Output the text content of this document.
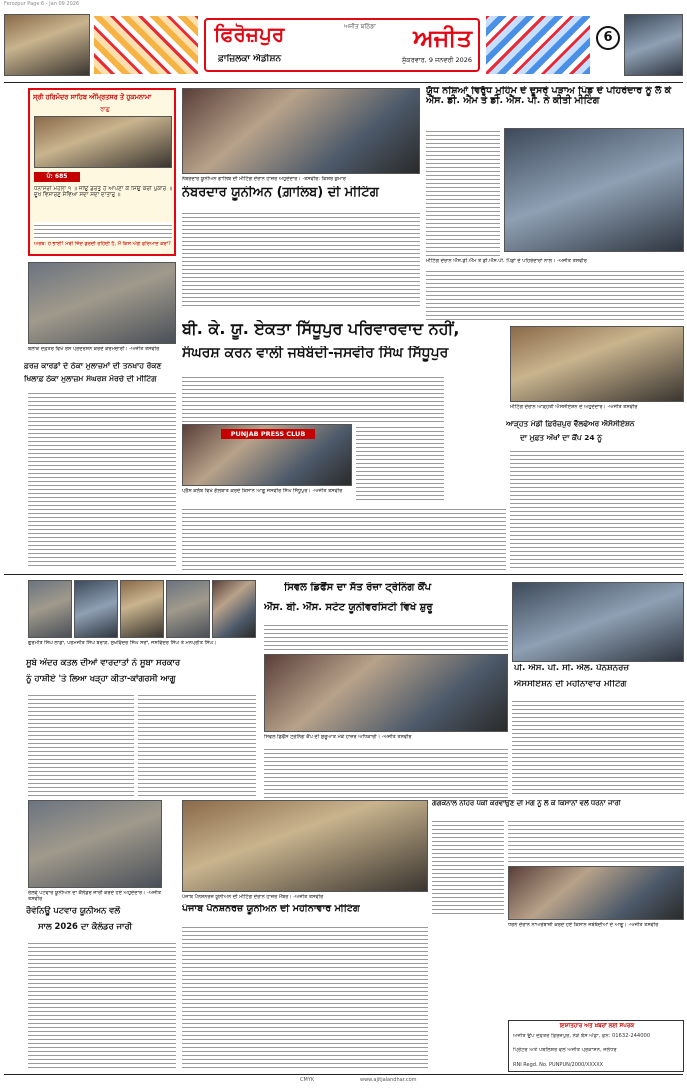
Ferozpur Page 6 - Jan 09 2026
ਫਿਰੋਜ਼ਪੁਰ	ਅਜੀਤ ਬਠਿੰਡਾ	ਅਜੀਤ
ਫ਼ਾਜ਼ਿਲਕਾ ਐਡੀਸ਼ਨ	ਸ਼ੁੱਕਰਵਾਰ, 9 ਜਨਵਰੀ 2026
6
ਸ੍ਰੀ ਹਰਿਮੰਦਰ ਸਾਹਿਬ ਅੰਮ੍ਰਿਤਸਰ ਤੋਂ ਹੁਕਮਨਾਮਾ
ਰਾਗੁ
ਪੰ: 685
ਧਨਾਸਰੀ ਮਹਲਾ ੧ ॥ ਜੀਉ ਡਰਤੁ ਹੈ ਆਪਣਾ ਕੈ ਸਿਉ ਕਰੀ ਪੁਕਾਰ ॥ ਦੂਖ ਵਿਸਾਰਣੁ ਸੇਵਿਆ ਸਦਾ ਸਦਾ ਦਾਤਾਰੁ ॥
ਅਰਥ: ਹੇ ਭਾਈ! ਮੇਰੀ ਜਿੰਦ ਡਰਦੀ ਰਹਿੰਦੀ ਹੈ, ਮੈਂ ਕਿਸ ਅੱਗੇ ਫ਼ਰਿਆਦ ਕਰਾਂ?
ਨੰਬਰਦਾਰ ਯੂਨੀਅਨ ਗਾਲਿਬ ਦੀ ਮੀਟਿੰਗ ਦੌਰਾਨ ਹਾਜ਼ਰ ਅਹੁਦੇਦਾਰ। -ਤਸਵੀਰ: ਕਿਸ਼ੋਰ ਕੁਮਾਰ
ਨੰਬਰਦਾਰ ਯੂਨੀਅਨ (ਗ਼ਾਲਿਬ) ਦੀ ਮੀਟਿੰਗ
ਯੁੱਧ ਨਸ਼ਿਆਂ ਵਿਰੁੱਧ ਮੁਹਿੰਮ ਦੇ ਦੂਸਰੇ ਪੜਾਅ ਪਿੰਡ ਦੇ ਪਹਿਰੇਦਾਰ ਨੂੰ ਲੈ ਕੇ ਐੱਸ. ਡੀ. ਐੱਮ ਤੇ ਡੀ. ਐੱਸ. ਪੀ. ਨੇ ਕੀਤੀ ਮੀਟਿੰਗ
ਮੀਟਿੰਗ ਦੌਰਾਨ ਐੱਸ.ਡੀ.ਐੱਮ ਤੇ ਡੀ.ਐੱਸ.ਪੀ. ਪਿੰਡਾਂ ਦੇ ਪਹਿਰੇਦਾਰਾਂ ਨਾਲ। -ਅਜੀਤ ਤਸਵੀਰ
ਬਲਾਕ ਦਫ਼ਤਰ ਵਿਖੇ ਰੋਸ ਪ੍ਰਦਰਸ਼ਨ ਕਰਦੇ ਕਰਮਚਾਰੀ। -ਅਜੀਤ ਤਸਵੀਰ
ਫ਼ਰਜ਼ ਕਾਰਡਾਂ ਦੇ ਠੇਕਾ ਮੁਲਾਜ਼ਮਾਂ ਦੀ ਤਨਖ਼ਾਹ ਰੋਕਣ
ਖਿਲਾਫ਼ ਠੇਕਾ ਮੁਲਾਜ਼ਮ ਸੰਘਰਸ਼ ਮੋਰਚੇ ਦੀ ਮੀਟਿੰਗ
ਬੀ. ਕੇ. ਯੂ. ਏਕਤਾ ਸਿੱਧੂਪੁਰ ਪਰਿਵਾਰਵਾਦ ਨਹੀਂ,
ਸੰਘਰਸ਼ ਕਰਨ ਵਾਲੀ ਜਥੇਬੰਦੀ-ਜਸਵੀਰ ਸਿੰਘ ਸਿੱਧੂਪੁਰ
PUNJAB PRESS CLUB
ਪ੍ਰੈੱਸ ਕਲੱਬ ਵਿਖੇ ਗੱਲਬਾਤ ਕਰਦੇ ਕਿਸਾਨ ਆਗੂ ਜਸਵੀਰ ਸਿੰਘ ਸਿੱਧੂਪੁਰ। -ਅਜੀਤ ਤਸਵੀਰ
ਮੀਟਿੰਗ ਦੌਰਾਨ ਆੜ੍ਹਤੀ ਐਸੋਸੀਏਸ਼ਨ ਦੇ ਅਹੁਦੇਦਾਰ। -ਅਜੀਤ ਤਸਵੀਰ
ਆੜ੍ਹਤ ਮੰਡੀ ਫ਼ਿਰੋਜ਼ਪੁਰ ਵੈੱਲਫੇਅਰ ਐਸੋਸੀਏਸ਼ਨ
ਦਾ ਮੁਫ਼ਤ ਅੱਖਾਂ ਦਾ ਕੈਂਪ 24 ਨੂੰ
ਗੁਰਮੀਤ ਸਿੰਘ ਲਾਡਾ, ਪਰਮਜੀਤ ਸਿੰਘ ਬਰਾੜ, ਸੁਖਵਿੰਦਰ ਸਿੰਘ ਸਰਾਂ, ਜਸਵਿੰਦਰ ਸਿੰਘ ਤੇ ਮਨਪ੍ਰੀਤ ਸਿੰਘ।
ਸੂਬੇ ਅੰਦਰ ਕਤਲ ਦੀਆਂ ਵਾਰਦਾਤਾਂ ਨੇ ਸੂਬਾ ਸਰਕਾਰ
ਨੂੰ ਹਾਸ਼ੀਏ 'ਤੇ ਲਿਆ ਖੜ੍ਹਾ ਕੀਤਾ-ਕਾਂਗਰਸੀ ਆਗੂ
ਸਿਵਲ ਡਿਫੈਂਸ ਦਾ ਸੱਤ ਰੋਜ਼ਾ ਟ੍ਰੇਨਿੰਗ ਕੈਂਪ
ਐੱਸ. ਬੀ. ਐੱਸ. ਸਟੇਟ ਯੂਨੀਵਰਸਿਟੀ ਵਿਖੇ ਸ਼ੁਰੂ
ਸਿਵਲ ਡਿਫੈਂਸ ਟ੍ਰੇਨਿੰਗ ਕੈਂਪ ਦੀ ਸ਼ੁਰੂਆਤ ਮੌਕੇ ਹਾਜ਼ਰ ਅਧਿਕਾਰੀ। -ਅਜੀਤ ਤਸਵੀਰ
ਪੀ. ਐਸ. ਪੀ. ਸੀ. ਐਲ. ਪੈਨਸ਼ਨਰਜ਼
ਐਸੋਸੀਏਸ਼ਨ ਦੀ ਮਹੀਨਾਵਾਰ ਮੀਟਿੰਗ
ਰੇਲਵੇ ਪਟਵਾਰ ਯੂਨੀਅਨ ਦਾ ਕੈਲੰਡਰ ਜਾਰੀ ਕਰਦੇ ਹੋਏ ਅਹੁਦੇਦਾਰ। -ਅਜੀਤ ਤਸਵੀਰ
ਰੈਵੇਨਿਊ ਪਟਵਾਰ ਯੂਨੀਅਨ ਵਲੋਂ
ਸਾਲ 2026 ਦਾ ਕੈਲੰਡਰ ਜਾਰੀ
ਪੰਜਾਬ ਪੈਨਸ਼ਨਰਜ਼ ਯੂਨੀਅਨ ਦੀ ਮੀਟਿੰਗ ਦੌਰਾਨ ਹਾਜ਼ਰ ਮੈਂਬਰ। -ਅਜੀਤ ਤਸਵੀਰ
ਪੰਜਾਬ ਪੈਨਸ਼ਨਰਜ਼ ਯੂਨੀਅਨ ਦੀ ਮਹੀਨਾਵਾਰ ਮੀਟਿੰਗ
ਗੰਗਕੈਨਾਲ ਨਹਿਰ ਪੱਕੀ ਕਰਵਾਉਣ ਦੀ ਮੰਗ ਨੂੰ ਲੈ ਕੇ ਕਿਸਾਨਾਂ ਵਲੋਂ ਧਰਨਾ ਜਾਰੀ
ਧਰਨੇ ਦੌਰਾਨ ਨਾਅਰੇਬਾਜ਼ੀ ਕਰਦੇ ਹੋਏ ਕਿਸਾਨ ਜਥੇਬੰਦੀਆਂ ਦੇ ਆਗੂ। -ਅਜੀਤ ਤਸਵੀਰ
ਇਸ਼ਤਿਹਾਰ ਅਤੇ ਖ਼ਬਰਾਂ ਲਈ ਸੰਪਰਕ
ਅਜੀਤ ਉਪ ਦਫ਼ਤਰ ਫ਼ਿਰੋਜ਼ਪੁਰ, ਨੇੜੇ ਬੱਸ ਅੱਡਾ, ਫ਼ੋਨ: 01632-244000
ਪ੍ਰਿੰਟਰ ਅਤੇ ਪਬਲਿਸ਼ਰ ਵਲੋਂ ਅਜੀਤ ਪ੍ਰਕਾਸ਼ਨ, ਜਲੰਧਰ
RNI Regd. No. PUNPUN/2000/XXXXX
CMYK	www.ajitjalandhar.com
